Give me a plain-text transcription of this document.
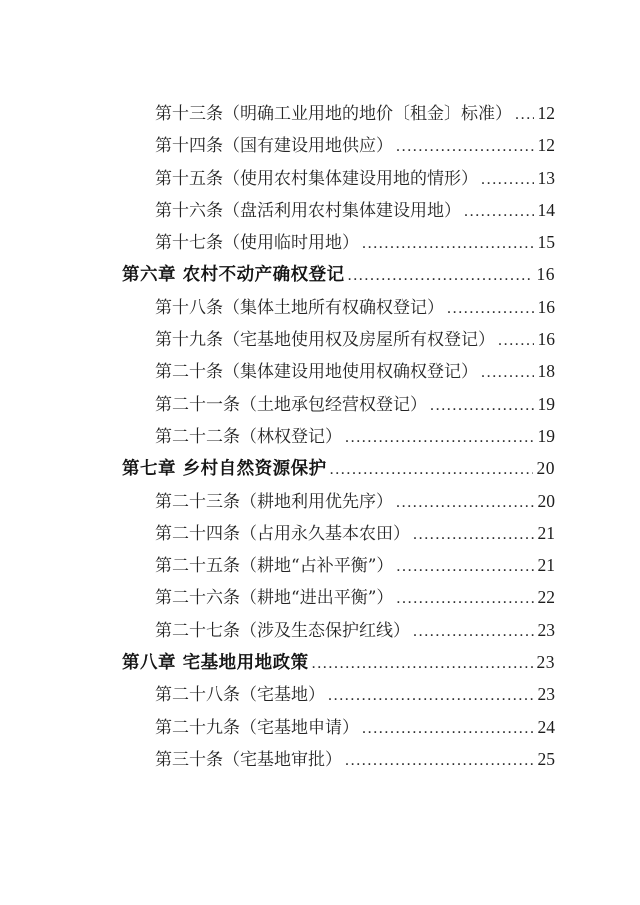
第十三条（明确工业用地的地价〔租金〕标准） ..... 12
第十四条（国有建设用地供应） .....	12
第十五条（使用农村集体建设用地的情形） .....	13
第十六条（盘活利用农村集体建设用地） .....	14
第十七条（使用临时用地） .....	15
第六章 农村不动产确权登记 .....	16
第十八条（集体土地所有权确权登记） .....	16
第十九条（宅基地使用权及房屋所有权登记） ..... 16
第二十条（集体建设用地使用权确权登记） .....	18
第二十一条（土地承包经营权登记） .....	19
第二十二条（林权登记） .....	19
第七章 乡村自然资源保护 .....	20
第二十三条（耕地利用优先序） .....	20
第二十四条（占用永久基本农田） .....	21
第二十五条（耕地“占补平衡”） .....	21
第二十六条（耕地“进出平衡”） .....	22
第二十七条（涉及生态保护红线） .....	23
第八章 宅基地用地政策 .....	23
第二十八条（宅基地） .....	23
第二十九条（宅基地申请） .....	24
第三十条（宅基地审批） .....	25
